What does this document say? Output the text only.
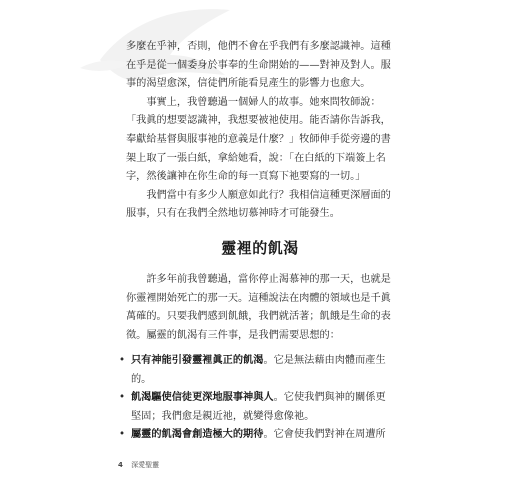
多麼在乎神，否則，他們不會在乎我們有多麼認識神。這種
在乎是從一個委身於事奉的生命開始的——對神及對人。服
事的渴望愈深，信徒們所能看見產生的影響力也愈大。

　　事實上，我曾聽過一個婦人的故事。她來問牧師說：
「我眞的想要認識神，我想要被祂使用。能否請你告訴我，
奉獻給基督與服事祂的意義是什麼？」牧師伸手從旁邊的書
架上取了一張白紙，拿給她看，說：「在白紙的下端簽上名
字，然後讓神在你生命的每一頁寫下祂要寫的一切。」

　　我們當中有多少人願意如此行？我相信這種更深層面的
服事，只有在我們全然地切慕神時才可能發生。

靈裡的飢渴

　　許多年前我曾聽過，當你停止渴慕神的那一天，也就是
你靈裡開始死亡的那一天。這種說法在肉體的領域也是千眞
萬確的。只要我們感到飢餓，我們就活著；飢餓是生命的表
徵。屬靈的飢渴有三件事，是我們需要思想的：

• 只有神能引發靈裡眞正的飢渴。它是無法藉由肉體而產生
的。

• 飢渴驅使信徒更深地服事神與人。它使我們與神的關係更
堅固；我們愈是親近祂，就變得愈像祂。

• 屬靈的飢渴會創造極大的期待。它會使我們對神在周遭所

4 深愛聖靈
